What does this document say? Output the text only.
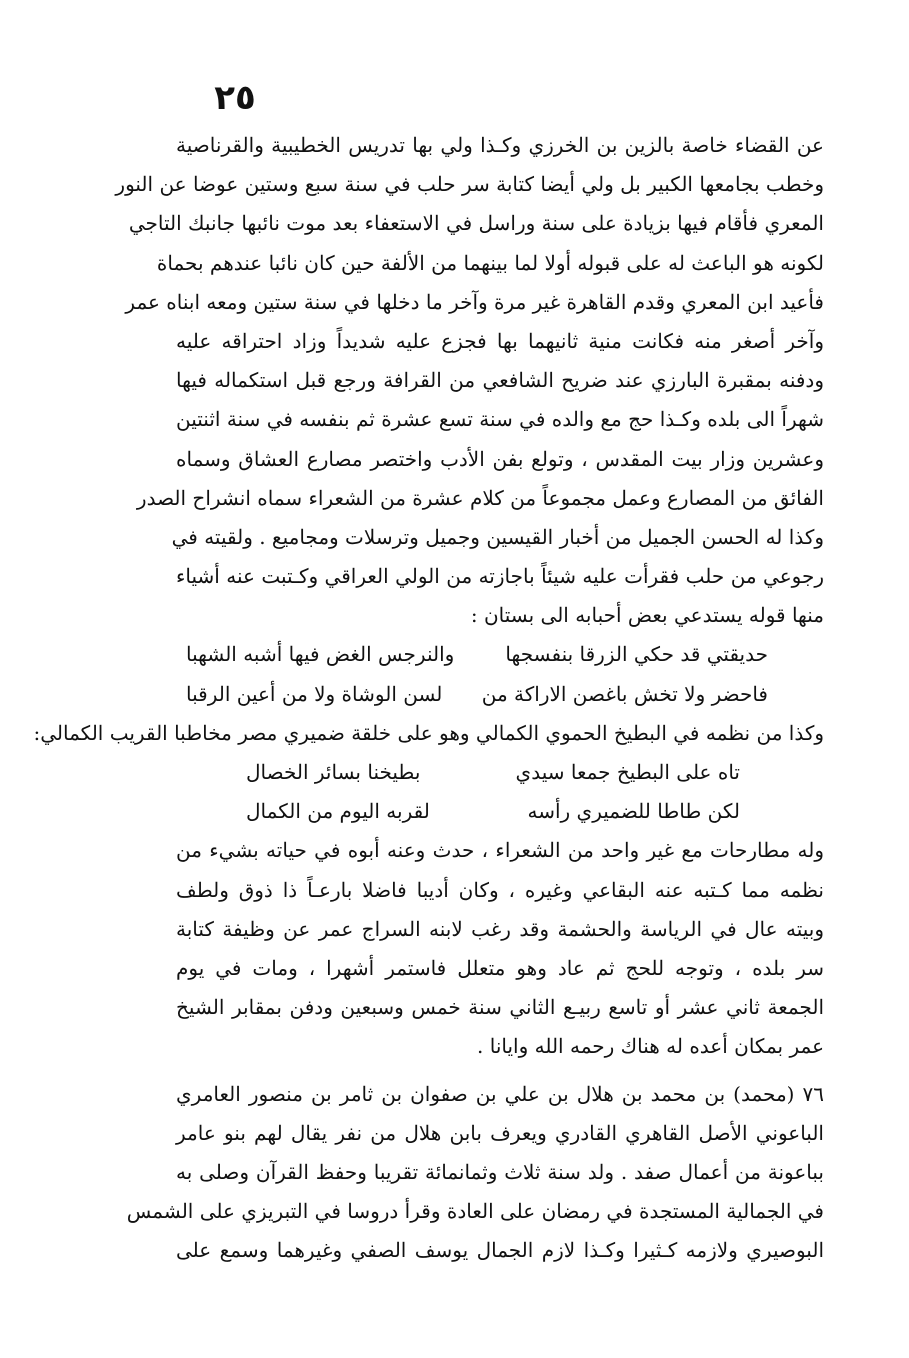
٢٥
عن القضاء خاصة بالزين بن الخرزي وكـذا ولي بها تدريس الخطيبية والقرناصية
وخطب بجامعها الكبير بل ولي أيضا كتابة سر حلب في سنة سبع وستين عوضا عن النور
المعري فأقام فيها بزيادة على سنة وراسل في الاستعفاء بعد موت نائبها جانبك التاجي
لكونه هو الباعث له على قبوله أولا لما بينهما من الألفة حين كان نائبا عندهم بحماة
فأعيد ابن المعري وقدم القاهرة غير مرة وآخر ما دخلها في سنة ستين ومعه ابناه عمر
وآخر أصغر منه فكانت منية ثانيهما بها فجزع عليه شديداً وزاد احتراقه عليه
ودفنه بمقبرة البارزي عند ضريح الشافعي من القرافة ورجع قبل استكماله فيها
شهراً الى بلده وكـذا حج مع والده في سنة تسع عشرة ثم بنفسه في سنة اثنتين
وعشرين وزار بيت المقدس ، وتولع بفن الأدب واختصر مصارع العشاق وسماه
الفائق من المصارع وعمل مجموعاً من كلام عشرة من الشعراء سماه انشراح الصدر
وكذا له الحسن الجميل من أخبار القيسين وجميل وترسلات ومجاميع . ولقيته في
رجوعي من حلب فقرأت عليه شيئاً باجازته من الولي العراقي وكـتبت عنه أشياء
منها قوله يستدعي بعض أحبابه الى بستان :
حديقتي قد حكي الزرقا بنفسجها
والنرجس الغض فيها أشبه الشهبا
فاحضر ولا تخش باغصن الاراكة من
لسن الوشاة ولا من أعين الرقبا
وكذا من نظمه في البطيخ الحموي الكمالي وهو على خلقة ضميري مصر مخاطبا القريب الكمالي:
تاه على البطيخ جمعا سيدي
بطيخنا بسائر الخصال
لكن طاطا للضميري رأسه
لقربه اليوم من الكمال
وله مطارحات مع غير واحد من الشعراء ، حدث وعنه أبوه في حياته بشيء من
نظمه مما كـتبه عنه البقاعي وغيره ، وكان أديبا فاضلا بارعـاً ذا ذوق ولطف
وبيته عال في الرياسة والحشمة وقد رغب لابنه السراج عمر عن وظيفة كتابة
سر بلده ، وتوجه للحج ثم عاد وهو متعلل فاستمر أشهرا ، ومات في يوم
الجمعة ثاني عشر أو تاسع ربيـع الثاني سنة خمس وسبعين ودفن بمقابر الشيخ
عمر بمكان أعده له هناك رحمه الله وايانا .
٧٦ (محمد) بن محمد بن هلال بن علي بن صفوان بن ثامر بن منصور العامري
الباعوني الأصل القاهري القادري ويعرف بابن هلال من نفر يقال لهم بنو عامر
بباعونة من أعمال صفد . ولد سنة ثلاث وثمانمائة تقريبا وحفظ القرآن وصلى به
في الجمالية المستجدة في رمضان على العادة وقرأ دروسا في التبريزي على الشمس
البوصيري ولازمه كـثيرا وكـذا لازم الجمال يوسف الصفي وغيرهما وسمع على
